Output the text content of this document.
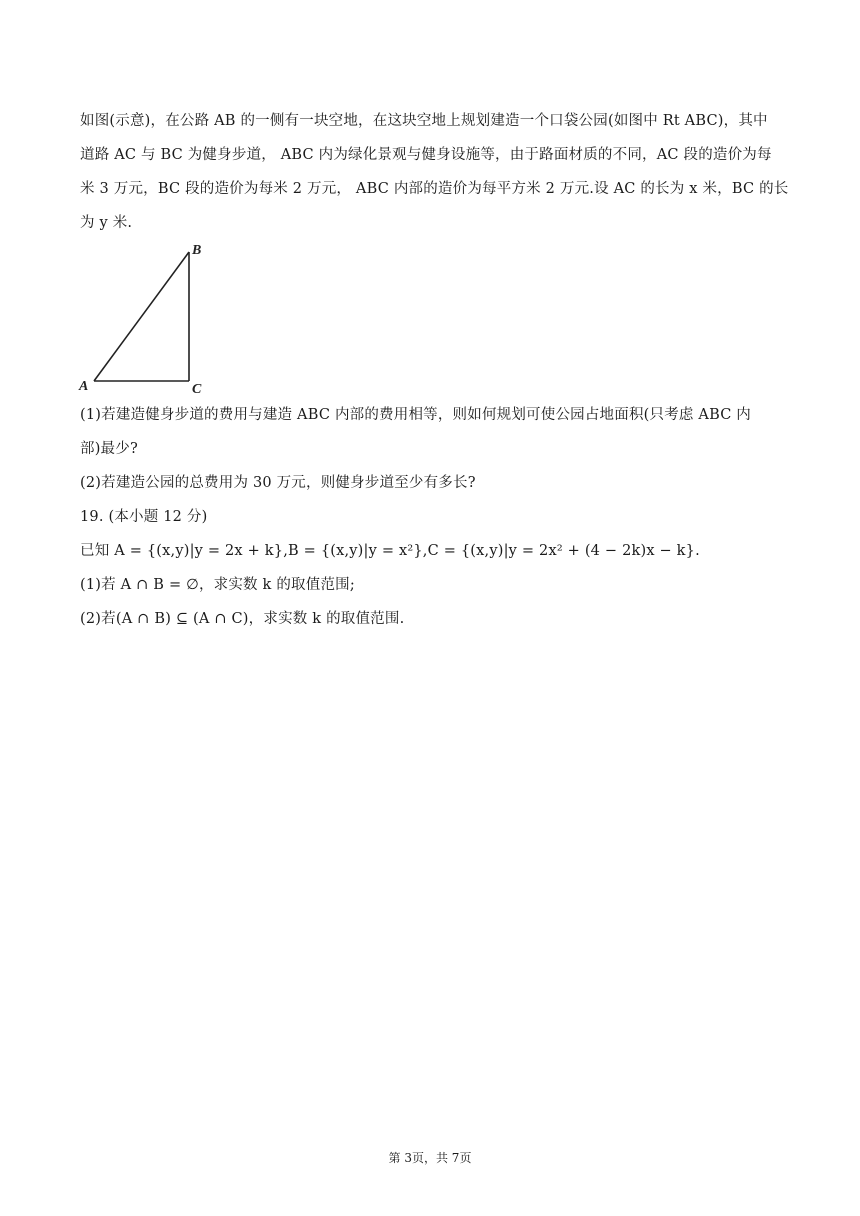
如图(示意)，在公路 AB 的一侧有一块空地，在这块空地上规划建造一个口袋公园(如图中 Rt ABC)，其中
道路 AC 与 BC 为健身步道， ABC 内为绿化景观与健身设施等，由于路面材质的不同，AC 段的造价为每
米 3 万元，BC 段的造价为每米 2 万元， ABC 内部的造价为每平方米 2 万元.设 AC 的长为 x 米，BC 的长
为 y 米.
A
B
C
(1)若建造健身步道的费用与建造 ABC 内部的费用相等，则如何规划可使公园占地面积(只考虑 ABC 内
部)最少?
(2)若建造公园的总费用为 30 万元，则健身步道至少有多长?
19. (本小题 12 分)
已知 A = {(x,y)|y = 2x + k},B = {(x,y)|y = x²},C = {(x,y)|y = 2x² + (4 − 2k)x − k}.
(1)若 A ∩ B = ∅，求实数 k 的取值范围;
(2)若(A ∩ B) ⊆ (A ∩ C)，求实数 k 的取值范围.
第 3页，共 7页
